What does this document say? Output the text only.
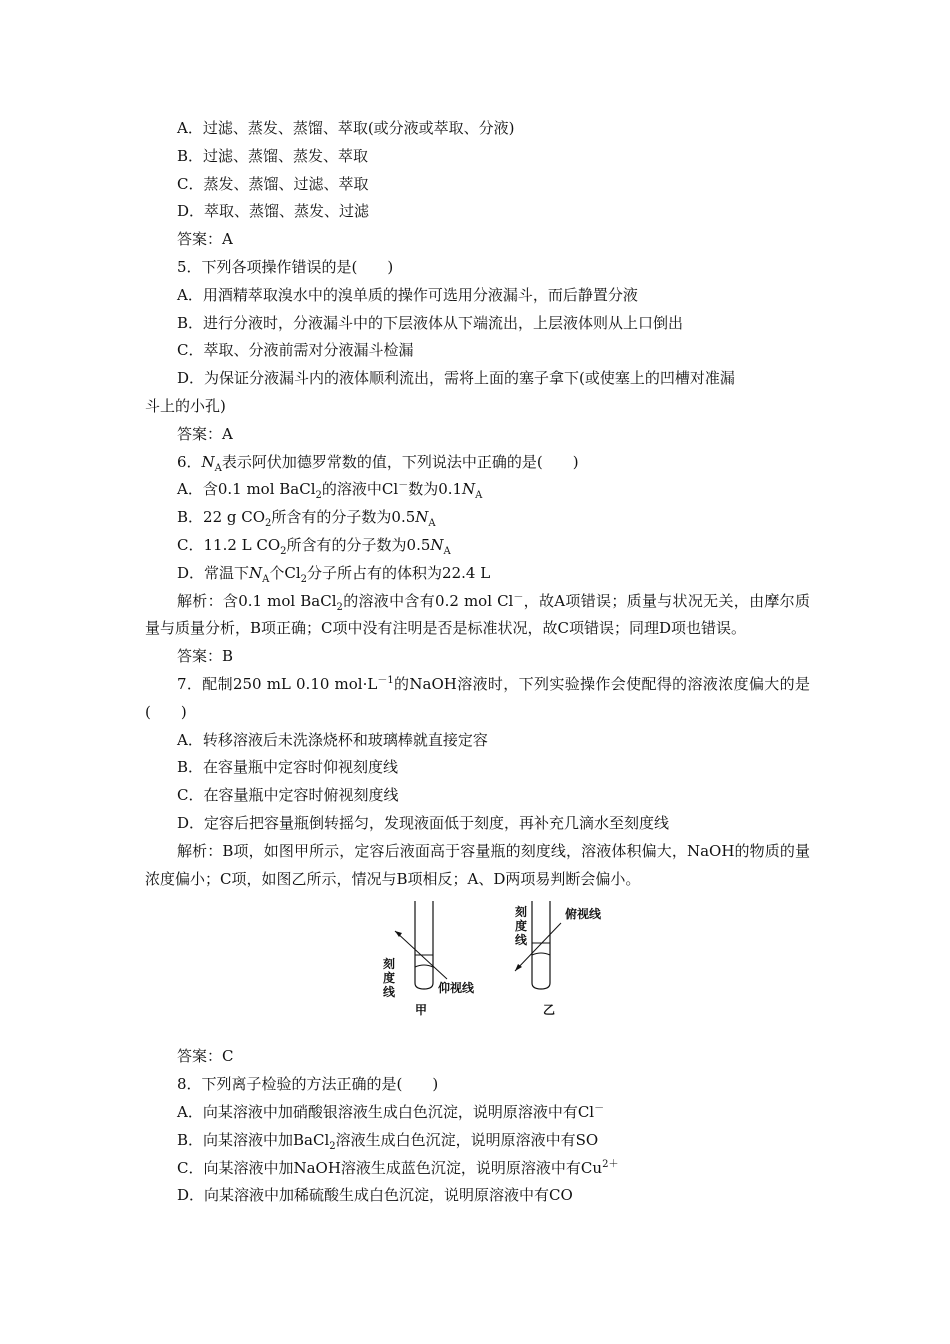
A．过滤、蒸发、蒸馏、萃取(或分液或萃取、分液)
B．过滤、蒸馏、蒸发、萃取
C．蒸发、蒸馏、过滤、萃取
D．萃取、蒸馏、蒸发、过滤
答案：A
5．下列各项操作错误的是(　　)
A．用酒精萃取溴水中的溴单质的操作可选用分液漏斗，而后静置分液
B．进行分液时，分液漏斗中的下层液体从下端流出，上层液体则从上口倒出
C．萃取、分液前需对分液漏斗检漏
D．为保证分液漏斗内的液体顺利流出，需将上面的塞子拿下(或使塞上的凹槽对准漏
斗上的小孔)
答案：A
6．$N_A$表示阿伏加德罗常数的值，下列说法中正确的是(　　)
A．含0.1 mol BaCl$_2$的溶液中Cl－数为$0.1N_A$
B．22 g $CO_2$所含有的分子数为$0.5N_A$
C．11.2 L $CO_2$所含有的分子数为$0.5N_A$
D．常温下$N_A$个$Cl_2$分子所占有的体积为22.4 L
解析：含0.1 mol BaCl$_2$的溶液中含有0.2 mol Cl－，故A项错误；质量与状况无关，由摩尔质量与质量分析，B项正确；C项中没有注明是否是标准状况，故C项错误；同理D项也错误。
答案：B
7．配制250 mL 0.10 $mol\cdot L^{-1}$的NaOH溶液时，下列实验操作会使配得的溶液浓度偏大的是(　　)
A．转移溶液后未洗涤烧杯和玻璃棒就直接定容
B．在容量瓶中定容时仰视刻度线
C．在容量瓶中定容时俯视刻度线
D．定容后把容量瓶倒转摇匀，发现液面低于刻度，再补充几滴水至刻度线
解析：B项，如图甲所示，定容后液面高于容量瓶的刻度线，溶液体积偏大，NaOH的物质的量浓度偏小；C项，如图乙所示，情况与B项相反；A、D两项易判断会偏小。
刻度线	仰视线
甲
刻度线
俯视线
乙
答案：C
8．下列离子检验的方法正确的是(　　)
A．向某溶液中加硝酸银溶液生成白色沉淀，说明原溶液中有Cl－
B．向某溶液中加BaCl$_2$溶液生成白色沉淀，说明原溶液中有SO
C．向某溶液中加NaOH溶液生成蓝色沉淀，说明原溶液中有$Cu^{2+}$
D．向某溶液中加稀硫酸生成白色沉淀，说明原溶液中有CO
